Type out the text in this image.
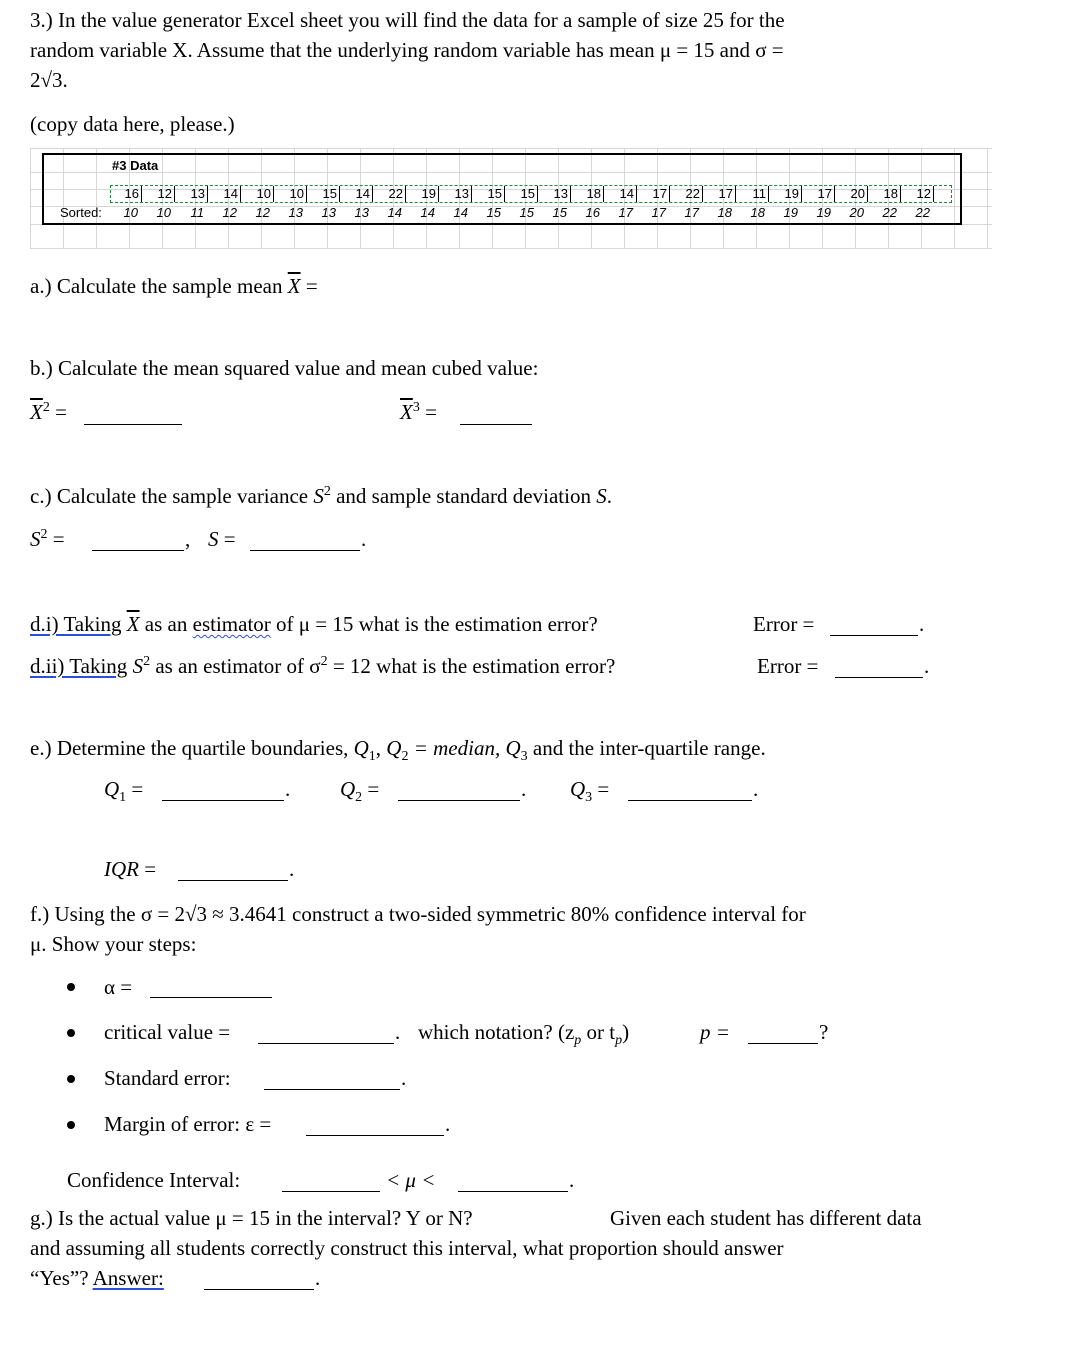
3.) In the value generator Excel sheet you will find the data for a sample of size 25 for the
random variable X. Assume that the underlying random variable has mean μ = 15 and σ =
2√3.
(copy data here, please.)
#3 Data
16	12	13	14	10	10	15	14	22	19	13	15	15	13	18	14	17	22	17	11	19	17	20	18	12
Sorted:	10	10	11	12	12	13	13	13	14	14	14	15	15	15	16	17	17	17	18	18	19	19	20	22	22
a.) Calculate the sample mean $\overline{X}$ =
b.) Calculate the mean squared value and mean cubed value:
$\overline{X}^2$ =	$\overline{X}^3$ =
c.) Calculate the sample variance $S^2$ and sample standard deviation S.
$S^2$ =	, S =	.
d.i) Taking $\overline{X}$ as an estimator of μ = 15 what is the estimation error?	Error =	.
d.ii) Taking $S^2$ as an estimator of $\sigma^2 = 12$ what is the estimation error?	Error =	.
e.) Determine the quartile boundaries, $Q_1$, $Q_2$ = median, $Q_3$ and the inter-quartile range.
$Q_1$ =	. $Q_2$ =	. $Q_3$ =	.
IQR =	.
f.) Using the σ = 2√3 ≈ 3.4641 construct a two-sided symmetric 80% confidence interval for
μ. Show your steps:
α =
critical value =	. which notation? ($z_p$ or $t_p$)	p =	?
Standard error:	.
Margin of error: ε =	.
Confidence Interval:	< μ <	.
g.) Is the actual value μ = 15 in the interval? Y or N?	Given each student has different data
and assuming all students correctly construct this interval, what proportion should answer
“Yes”? Answer:	.
